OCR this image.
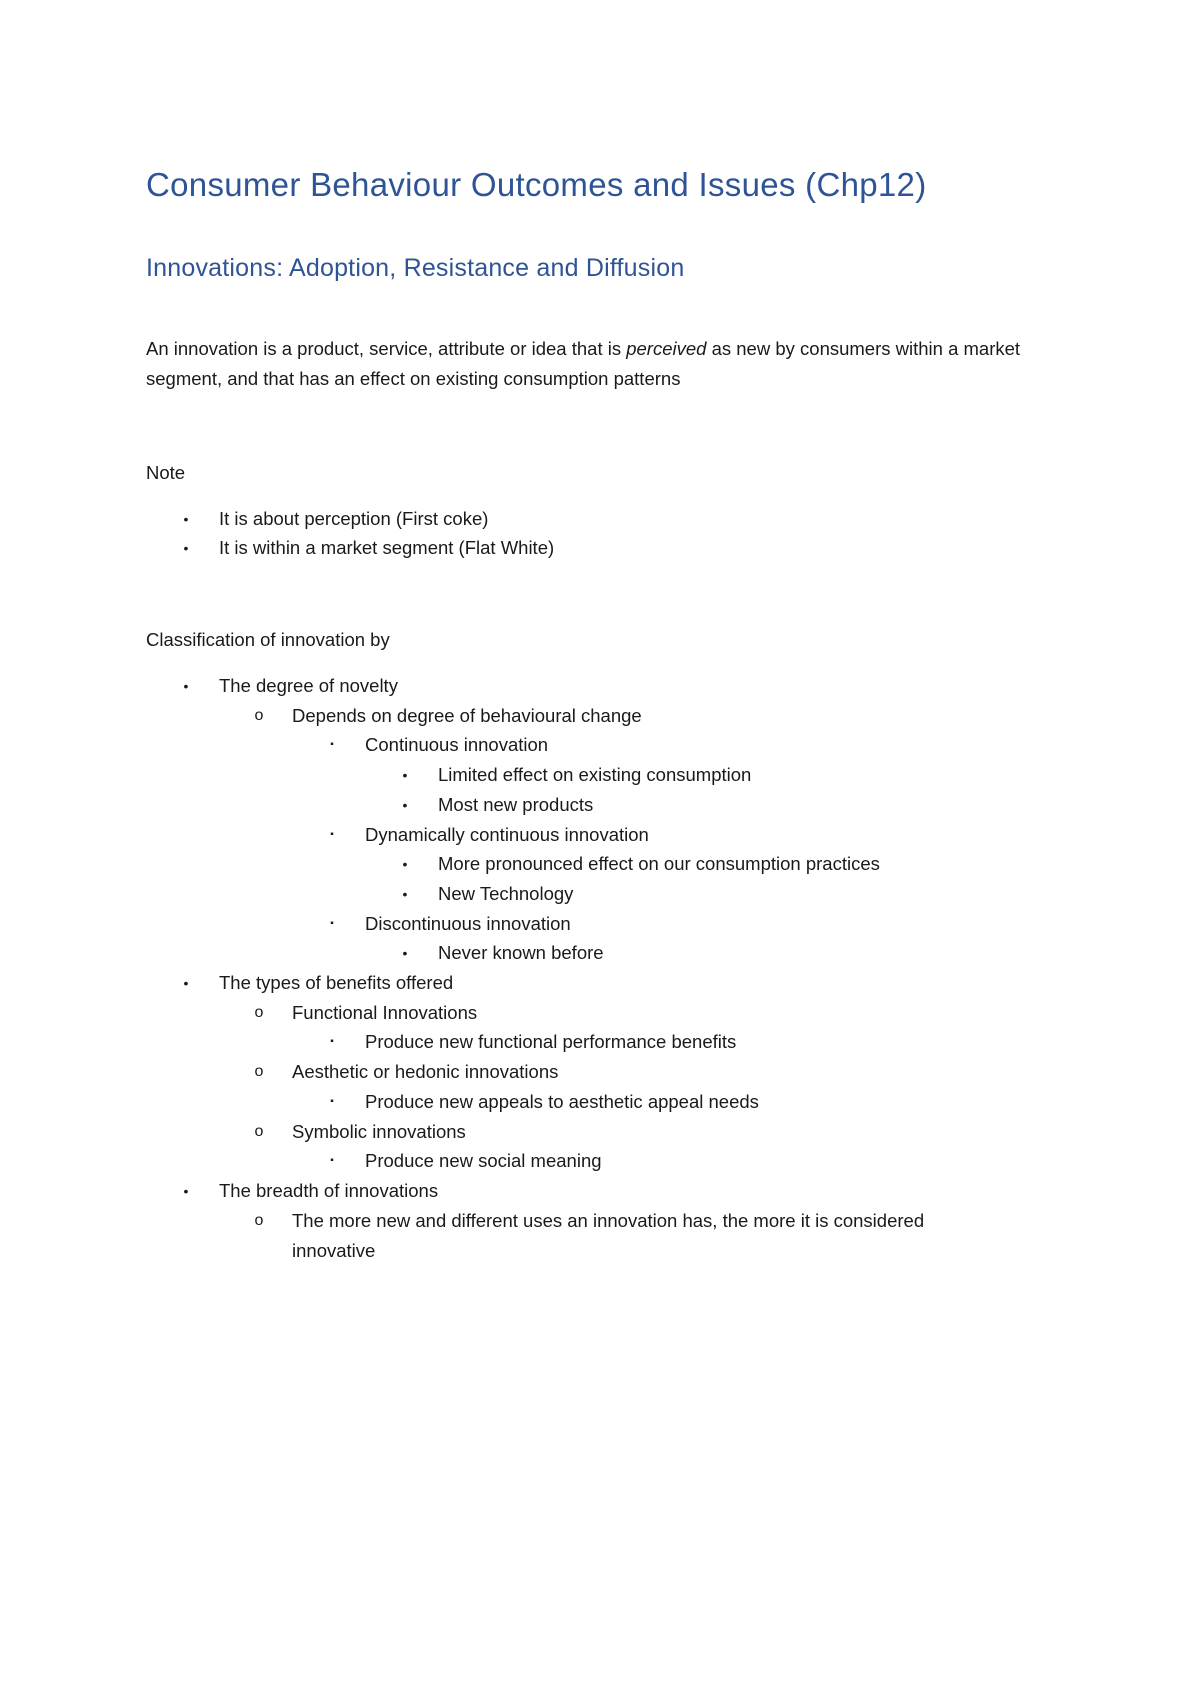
Consumer Behaviour Outcomes and Issues (Chp12)
Innovations: Adoption, Resistance and Diffusion

An innovation is a product, service, attribute or idea that is perceived as new by consumers within a market segment, and that has an effect on existing consumption patterns

Note
Classification of innovation by
•	It is about perception (First coke)
•	It is within a market segment (Flat White)
•	The degree of novelty
o Depends on degree of behavioural change
▪	Continuous innovation
•	Limited effect on existing consumption
•	Most new products
▪	Dynamically continuous innovation
•	More pronounced effect on our consumption practices
•	New Technology
▪	Discontinuous innovation
•	Never known before
•	The types of benefits offered
o Functional Innovations
▪	Produce new functional performance benefits
o Aesthetic or hedonic innovations
▪	Produce new appeals to aesthetic appeal needs
o Symbolic innovations
▪	Produce new social meaning
•	The breadth of innovations
o The more new and different uses an innovation has, the more it is considered innovative
